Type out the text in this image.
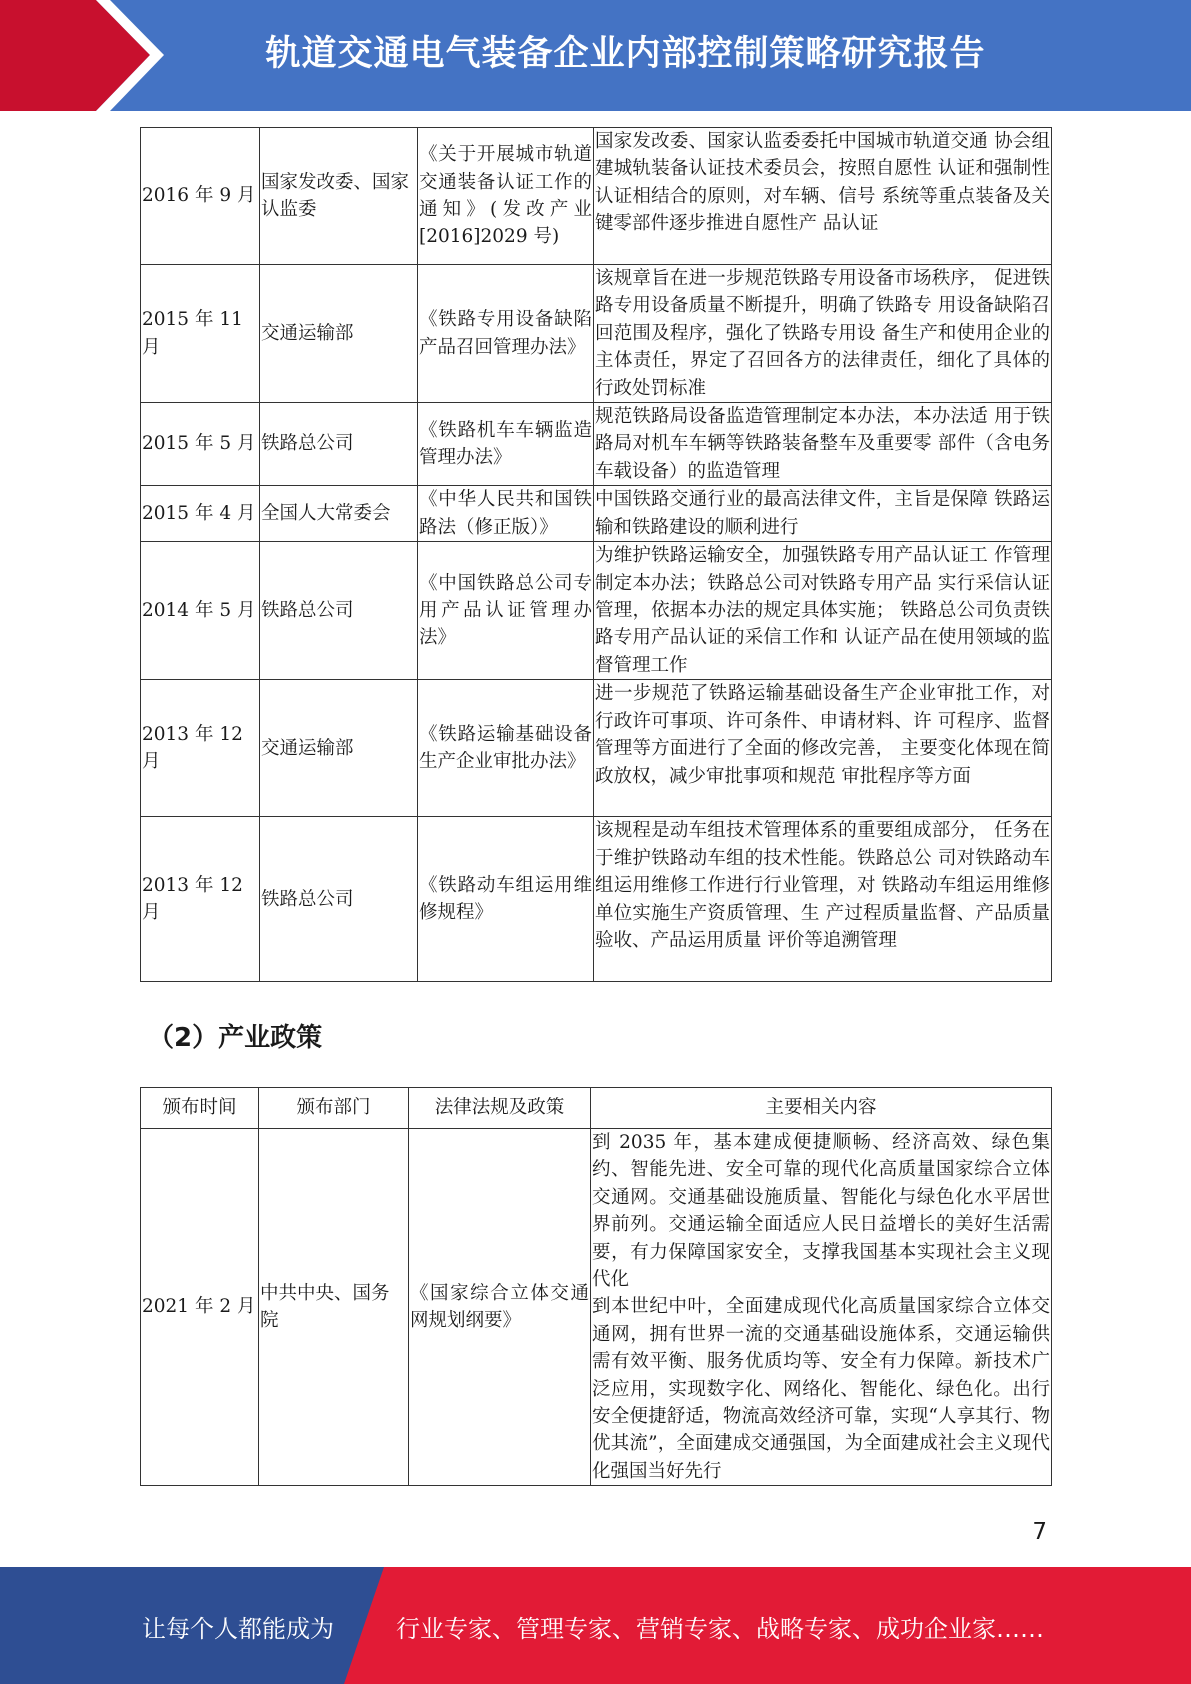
轨道交通电气装备企业内部控制策略研究报告
2016 年 9 月	国家发改委、国家认监委	《关于开展城市轨道交通装备认证工作的通知》(发改产业[2016]2029 号)	国家发改委、国家认监委委托中国城市轨道交通 协会组建城轨装备认证技术委员会，按照自愿性 认证和强制性认证相结合的原则，对车辆、信号 系统等重点装备及关键零部件逐步推进自愿性产 品认证
2015 年 11 月	交通运输部	《铁路专用设备缺陷产品召回管理办法》	该规章旨在进一步规范铁路专用设备市场秩序， 促进铁路专用设备质量不断提升，明确了铁路专 用设备缺陷召回范围及程序，强化了铁路专用设 备生产和使用企业的主体责任，界定了召回各方的法律责任，细化了具体的行政处罚标准
2015 年 5 月	铁路总公司	《铁路机车车辆监造管理办法》	规范铁路局设备监造管理制定本办法，本办法适 用于铁路局对机车车辆等铁路装备整车及重要零 部件（含电务车载设备）的监造管理
2015 年 4 月	全国人大常委会	《中华人民共和国铁路法（修正版）》	中国铁路交通行业的最高法律文件，主旨是保障 铁路运输和铁路建设的顺利进行
2014 年 5 月	铁路总公司	《中国铁路总公司专用产品认证管理办法》	为维护铁路运输安全，加强铁路专用产品认证工 作管理制定本办法；铁路总公司对铁路专用产品 实行采信认证管理，依据本办法的规定具体实施； 铁路总公司负责铁路专用产品认证的采信工作和 认证产品在使用领域的监督管理工作
2013 年 12 月	交通运输部	《铁路运输基础设备生产企业审批办法》	进一步规范了铁路运输基础设备生产企业审批工作，对行政许可事项、许可条件、申请材料、许 可程序、监督管理等方面进行了全面的修改完善， 主要变化体现在简政放权，减少审批事项和规范 审批程序等方面
2013 年 12 月	铁路总公司	《铁路动车组运用维修规程》	该规程是动车组技术管理体系的重要组成部分， 任务在于维护铁路动车组的技术性能。铁路总公 司对铁路动车组运用维修工作进行行业管理，对 铁路动车组运用维修单位实施生产资质管理、生 产过程质量监督、产品质量验收、产品运用质量 评价等追溯管理
（2）产业政策
颁布时间	颁布部门	法律法规及政策	主要相关内容
2021 年 2 月	中共中央、国务院	《国家综合立体交通网规划纲要》	到 2035 年，基本建成便捷顺畅、经济高效、绿色集约、智能先进、安全可靠的现代化高质量国家综合立体交通网。交通基础设施质量、智能化与绿色化水平居世界前列。交通运输全面适应人民日益增长的美好生活需要，有力保障国家安全，支撑我国基本实现社会主义现代化
到本世纪中叶，全面建成现代化高质量国家综合立体交通网，拥有世界一流的交通基础设施体系，交通运输供需有效平衡、服务优质均等、安全有力保障。新技术广泛应用，实现数字化、网络化、智能化、绿色化。出行安全便捷舒适，物流高效经济可靠，实现“人享其行、物优其流”，全面建成交通强国，为全面建成社会主义现代化强国当好先行
7
让每个人都能成为	行业专家、管理专家、营销专家、战略专家、成功企业家……
